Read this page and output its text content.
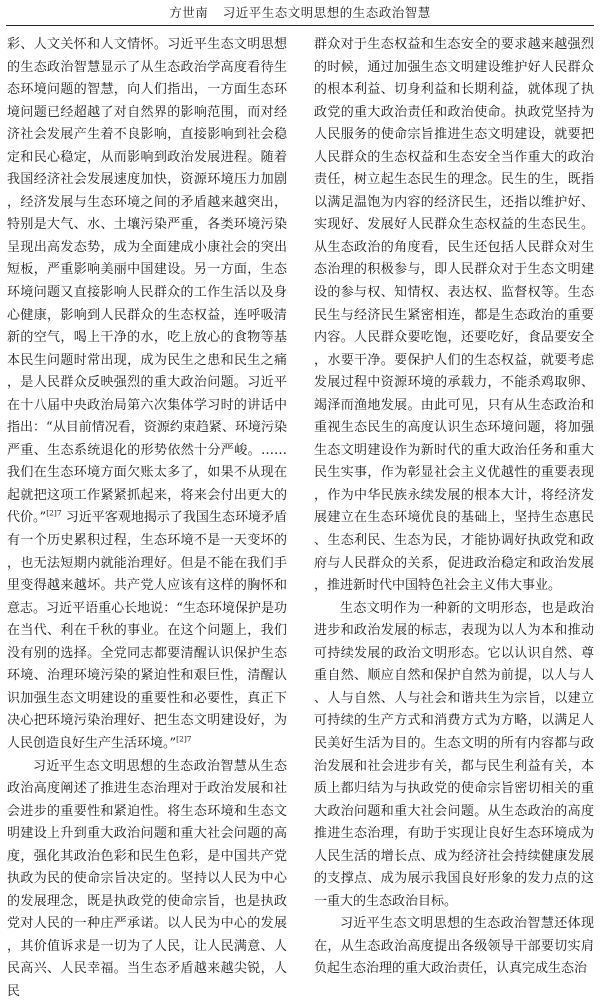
方世南 习近平生态文明思想的生态政治智慧

彩、人文关怀和人文情怀。习近平生态文明思想的生态政治智慧显示了从生态政治学高度看待生态环境问题的智慧，向人们指出，一方面生态环境问题已经超越了对自然界的影响范围，而对经济社会发展产生着不良影响，直接影响到社会稳定和民心稳定，从而影响到政治发展进程。随着我国经济社会发展速度加快，资源环境压力加剧，经济发展与生态环境之间的矛盾越来越突出，特别是大气、水、土壤污染严重，各类环境污染呈现出高发态势，成为全面建成小康社会的突出短板，严重影响美丽中国建设。另一方面，生态环境问题又直接影响人民群众的工作生活以及身心健康，影响到人民群众的生态权益，连呼吸清新的空气，喝上干净的水，吃上放心的食物等基本民生问题时常出现，成为民生之患和民生之痛，是人民群众反映强烈的重大政治问题。习近平在十八届中央政治局第六次集体学习时的讲话中指出：“从目前情况看，资源约束趋紧、环境污染严重、生态系统退化的形势依然十分严峻。……我们在生态环境方面欠账太多了，如果不从现在起就把这项工作紧紧抓起来，将来会付出更大的代价。”$^{[2]7}$ 习近平客观地揭示了我国生态环境矛盾有一个历史累积过程，生态环境不是一天变坏的，也无法短期内就能治理好。但是不能在我们手里变得越来越坏。共产党人应该有这样的胸怀和意志。习近平语重心长地说：“生态环境保护是功在当代、利在千秋的事业。在这个问题上，我们没有别的选择。全党同志都要清醒认识保护生态环境、治理环境污染的紧迫性和艰巨性，清醒认识加强生态文明建设的重要性和必要性，真正下决心把环境污染治理好、把生态文明建设好，为人民创造良好生产生活环境。”$^{[2]7}$

习近平生态文明思想的生态政治智慧从生态政治高度阐述了推进生态治理对于政治发展和社会进步的重要性和紧迫性。将生态环境和生态文明建设上升到重大政治问题和重大社会问题的高度，强化其政治色彩和民生色彩，是中国共产党执政为民的使命宗旨决定的。坚持以人民为中心的发展理念，既是执政党的使命宗旨，也是执政党对人民的一种庄严承诺。以人民为中心的发展，其价值诉求是一切为了人民，让人民满意、人民高兴、人民幸福。当生态矛盾越来越尖锐，人民

群众对于生态权益和生态安全的要求越来越强烈的时候，通过加强生态文明建设维护好人民群众的根本利益、切身利益和长期利益，就体现了执政党的重大政治责任和政治使命。执政党坚持为人民服务的使命宗旨推进生态文明建设，就要把人民群众的生态权益和生态安全当作重大的政治责任，树立起生态民生的理念。民生的生，既指以满足温饱为内容的经济民生，还指以维护好、实现好、发展好人民群众生态权益的生态民生。从生态政治的角度看，民生还包括人民群众对生态治理的积极参与，即人民群众对于生态文明建设的参与权、知情权、表达权、监督权等。生态民生与经济民生紧密相连，都是生态政治的重要内容。人民群众要吃饱，还要吃好，食品要安全，水要干净。要保护人们的生态权益，就要考虑发展过程中资源环境的承载力，不能杀鸡取卵、竭泽而渔地发展。由此可见，只有从生态政治和重视生态民生的高度认识生态环境问题，将加强生态文明建设作为新时代的重大政治任务和重大民生实事，作为彰显社会主义优越性的重要表现，作为中华民族永续发展的根本大计，将经济发展建立在生态环境优良的基础上，坚持生态惠民、生态利民、生态为民，才能协调好执政党和政府与人民群众的关系，促进政治稳定和政治发展，推进新时代中国特色社会主义伟大事业。

生态文明作为一种新的文明形态，也是政治进步和政治发展的标志，表现为以人为本和推动可持续发展的政治文明形态。它以认识自然、尊重自然、顺应自然和保护自然为前提，以人与人、人与自然、人与社会和谐共生为宗旨，以建立可持续的生产方式和消费方式为方略，以满足人民美好生活为目的。生态文明的所有内容都与政治发展和社会进步有关，都与民生利益有关，本质上都归结为与执政党的使命宗旨密切相关的重大政治问题和重大社会问题。从生态政治的高度推进生态治理，有助于实现让良好生态环境成为人民生活的增长点、成为经济社会持续健康发展的支撑点、成为展示我国良好形象的发力点的这一重大的生态政治目标。

习近平生态文明思想的生态政治智慧还体现在，从生态政治高度提出各级领导干部要切实肩负起生态治理的重大政治责任，认真完成生态治
